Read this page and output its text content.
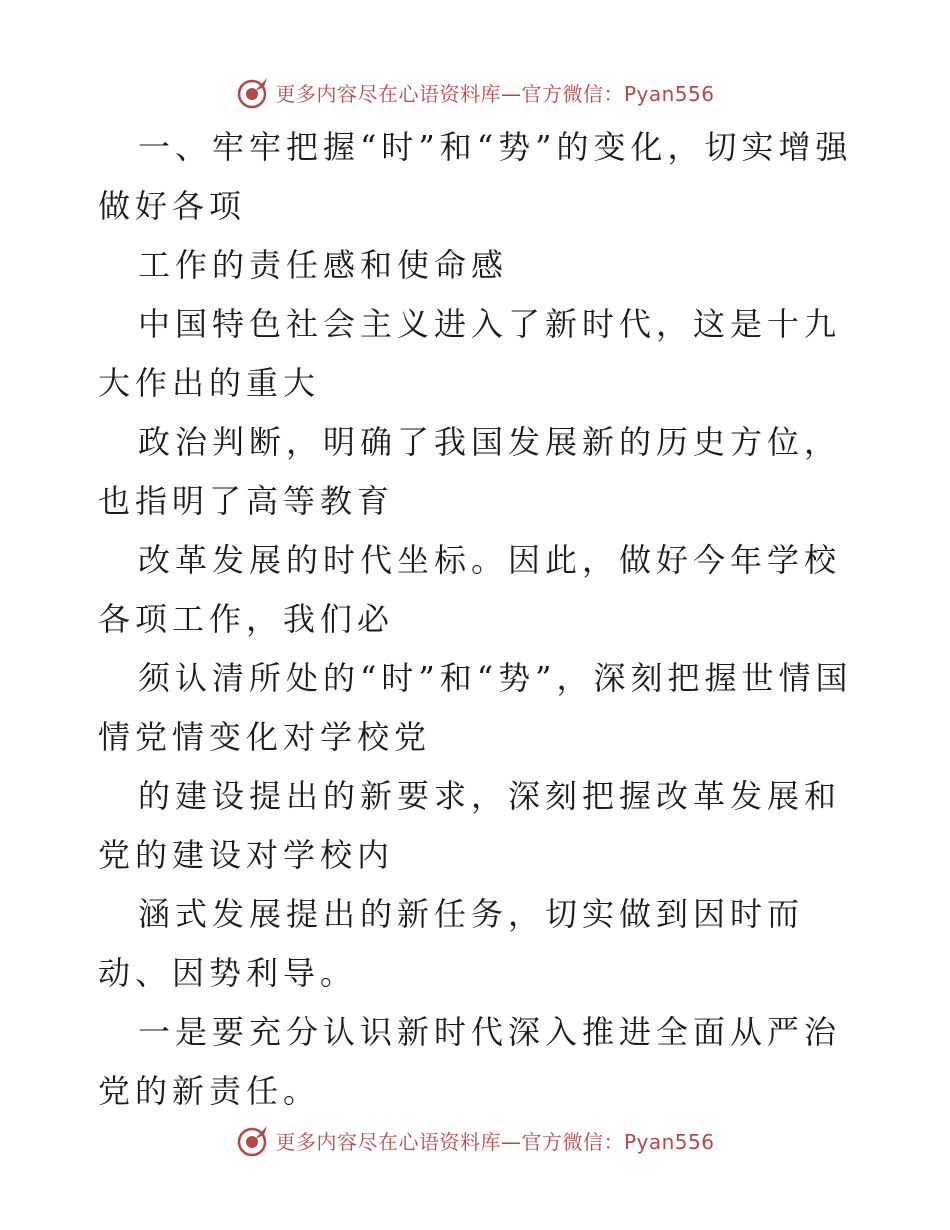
更多内容尽在心语资料库—官方微信：Pyan556

一、牢牢把握“时”和“势”的变化，切实增强做好各项

工作的责任感和使命感

中国特色社会主义进入了新时代，这是十九大作出的重大

政治判断，明确了我国发展新的历史方位，也指明了高等教育

改革发展的时代坐标。因此，做好今年学校各项工作，我们必

须认清所处的“时”和“势”，深刻把握世情国情党情变化对学校党

的建设提出的新要求，深刻把握改革发展和党的建设对学校内

涵式发展提出的新任务，切实做到因时而动、因势利导。

一是要充分认识新时代深入推进全面从严治党的新责任。

更多内容尽在心语资料库—官方微信：Pyan556
